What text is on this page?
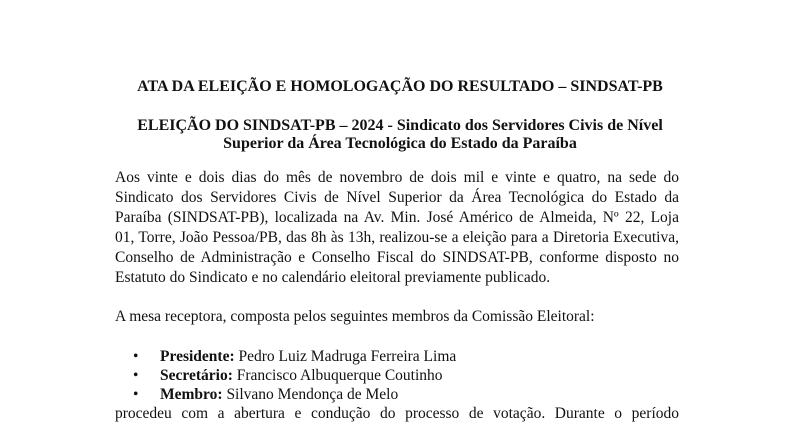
ATA DA ELEIÇÃO E HOMOLOGAÇÃO DO RESULTADO – SINDSAT-PB
ELEIÇÃO DO SINDSAT-PB – 2024 - Sindicato dos Servidores Civis de Nível
Superior da Área Tecnológica do Estado da Paraíba
Aos vinte e dois dias do mês de novembro de dois mil e vinte e quatro, na sede do
Sindicato dos Servidores Civis de Nível Superior da Área Tecnológica do Estado da
Paraíba (SINDSAT-PB), localizada na Av. Min. José Américo de Almeida, Nº 22, Loja
01, Torre, João Pessoa/PB, das 8h às 13h, realizou-se a eleição para a Diretoria Executiva,
Conselho de Administração e Conselho Fiscal do SINDSAT-PB, conforme disposto no
Estatuto do Sindicato e no calendário eleitoral previamente publicado.
A mesa receptora, composta pelos seguintes membros da Comissão Eleitoral:
• Presidente: Pedro Luiz Madruga Ferreira Lima
• Secretário: Francisco Albuquerque Coutinho
• Membro: Silvano Mendonça de Melo
procedeu com a abertura e condução do processo de votação. Durante o período
